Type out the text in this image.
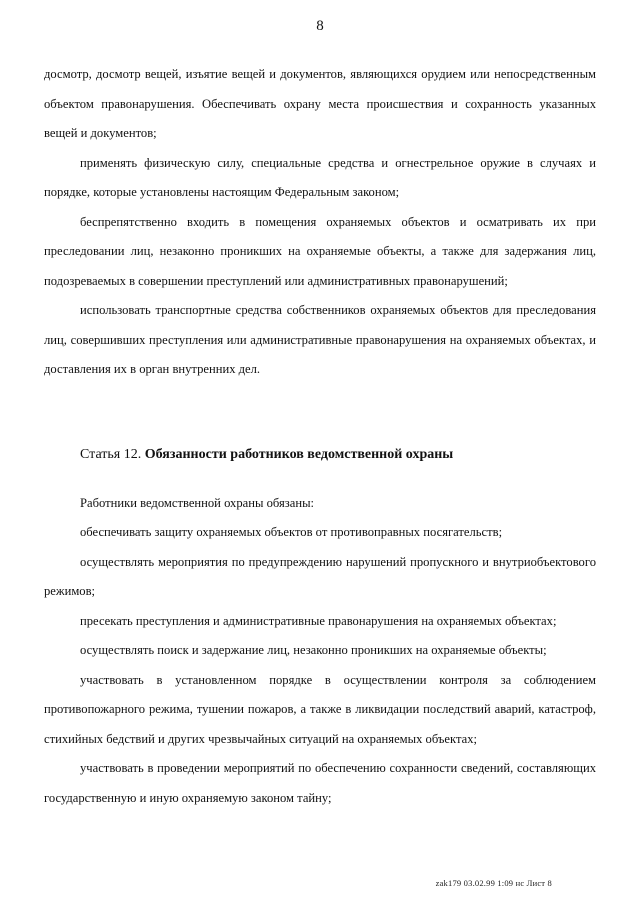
8

досмотр, досмотр вещей, изъятие вещей и документов, являющихся орудием или непосредственным объектом правонарушения. Обеспечивать охрану места происшествия и сохранность указанных вещей и документов;

применять физическую силу, специальные средства и огнестрельное оружие в случаях и порядке, которые установлены настоящим Федеральным законом;

беспрепятственно входить в помещения охраняемых объектов и осматривать их при преследовании лиц, незаконно проникших на охраняемые объекты, а также для задержания лиц, подозреваемых в совершении преступлений или административных правонарушений;

использовать транспортные средства собственников охраняемых объектов для преследования лиц, совершивших преступления или административные правонарушения на охраняемых объектах, и доставления их в орган внутренних дел.

Статья 12. Обязанности работников ведомственной охраны

Работники ведомственной охраны обязаны:

обеспечивать защиту охраняемых объектов от противоправных посягательств;

осуществлять мероприятия по предупреждению нарушений пропускного и внутриобъектового режимов;

пресекать преступления и административные правонарушения на охраняемых объектах;

осуществлять поиск и задержание лиц, незаконно проникших на охраняемые объекты;

участвовать в установленном порядке в осуществлении контроля за соблюдением противопожарного режима, тушении пожаров, а также в ликвидации последствий аварий, катастроф, стихийных бедствий и других чрезвычайных ситуаций на охраняемых объектах;

участвовать в проведении мероприятий по обеспечению сохранности сведений, составляющих государственную и иную охраняемую законом тайну;

zak179 03.02.99 1:09 нс Лист 8
